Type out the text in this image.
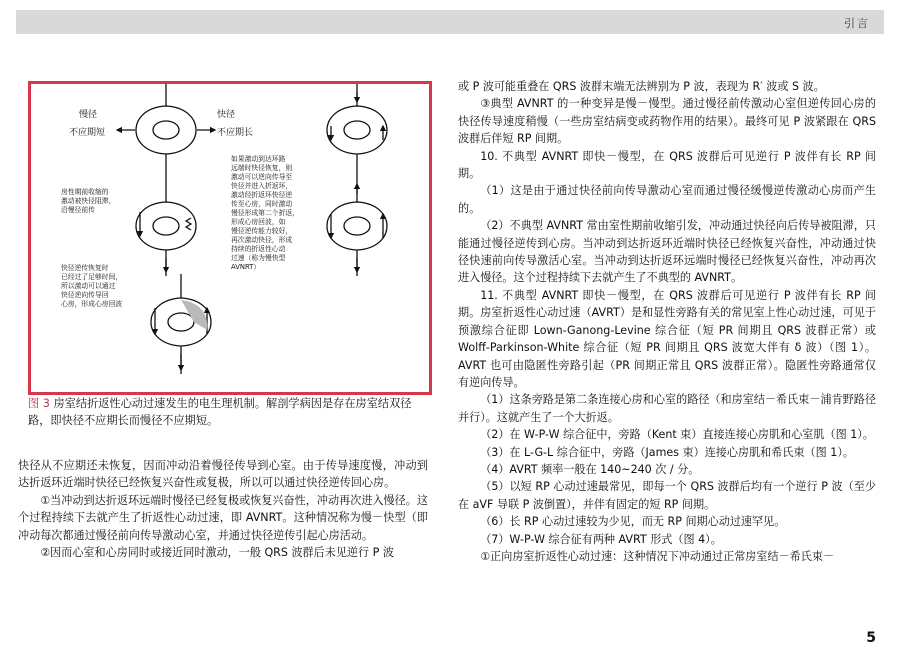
引言
慢径
不应期短
快径
不应期长
如果激动到达环路
远端时快径恢复，则
激动可以逆向传导至
快径并进入折返环，
激动经折返环快径逆
传至心房，同时激动
慢径形成第二个折返，
形成心房回波，如
慢径逆传能力较好，
再次激动快径，形成
持续的折返性心动
过速（称为慢快型
AVNRT）
房性期前收缩的
激动被快径阻滞，
沿慢径前传
快径逆传恢复时
已经过了足够时间，
所以激动可以通过
快径逆向传导回
心房，形成心房回波
图 3 房室结折返性心动过速发生的电生理机制。解剖学病因是存在房室结双径路，即快径不应期长而慢径不应期短。

快径从不应期还未恢复，因而冲动沿着慢径传导到心室。由于传导速度慢，冲动到达折返环近端时快径已经恢复兴奋性或复极，所以可以通过快径逆传回心房。

①当冲动到达折返环远端时慢径已经复极或恢复兴奋性，冲动再次进入慢径。这个过程持续下去就产生了折返性心动过速，即 AVNRT。这种情况称为慢－快型（即冲动每次都通过慢径前向传导激动心室，并通过快径逆传引起心房活动。

②因而心室和心房同时或接近同时激动，一般 QRS 波群后未见逆行 P 波

或 P 波可能重叠在 QRS 波群末端无法辨别为 P 波，表现为 R′ 波或 S 波。

③典型 AVNRT 的一种变异是慢－慢型。通过慢径前传激动心室但逆传回心房的快径传导速度稍慢（一些房室结病变或药物作用的结果）。最终可见 P 波紧跟在 QRS 波群后伴短 RP 间期。

10. 不典型 AVNRT 即快－慢型，在 QRS 波群后可见逆行 P 波伴有长 RP 间期。

（1）这是由于通过快径前向传导激动心室而通过慢径缓慢逆传激动心房而产生的。

（2）不典型 AVNRT 常由室性期前收缩引发，冲动通过快径向后传导被阻滞，只能通过慢径逆传到心房。当冲动到达折返环近端时快径已经恢复兴奋性，冲动通过快径快速前向传导激活心室。当冲动到达折返环远端时慢径已经恢复兴奋性，冲动再次进入慢径。这个过程持续下去就产生了不典型的 AVNRT。

11. 不典型 AVNRT 即快－慢型，在 QRS 波群后可见逆行 P 波伴有长 RP 间期。房室折返性心动过速（AVRT）是和显性旁路有关的常见室上性心动过速，可见于预激综合征即 Lown-Ganong-Levine 综合征（短 PR 间期且 QRS 波群正常）或 Wolff-Parkinson-White 综合征（短 PR 间期且 QRS 波宽大伴有 δ 波）（图 1）。AVRT 也可由隐匿性旁路引起（PR 间期正常且 QRS 波群正常）。隐匿性旁路通常仅有逆向传导。

（1）这条旁路是第二条连接心房和心室的路径（和房室结－希氏束－浦肯野路径并行）。这就产生了一个大折返。

（2）在 W-P-W 综合征中，旁路（Kent 束）直接连接心房肌和心室肌（图 1）。

（3）在 L-G-L 综合征中，旁路（James 束）连接心房肌和希氏束（图 1）。

（4）AVRT 频率一般在 140~240 次 / 分。

（5）以短 RP 心动过速最常见，即每一个 QRS 波群后均有一个逆行 P 波（至少在 aVF 导联 P 波倒置），并伴有固定的短 RP 间期。

（6）长 RP 心动过速较为少见，而无 RP 间期心动过速罕见。

（7）W-P-W 综合征有两种 AVRT 形式（图 4）。

①正向房室折返性心动过速：这种情况下冲动通过正常房室结－希氏束－

5
